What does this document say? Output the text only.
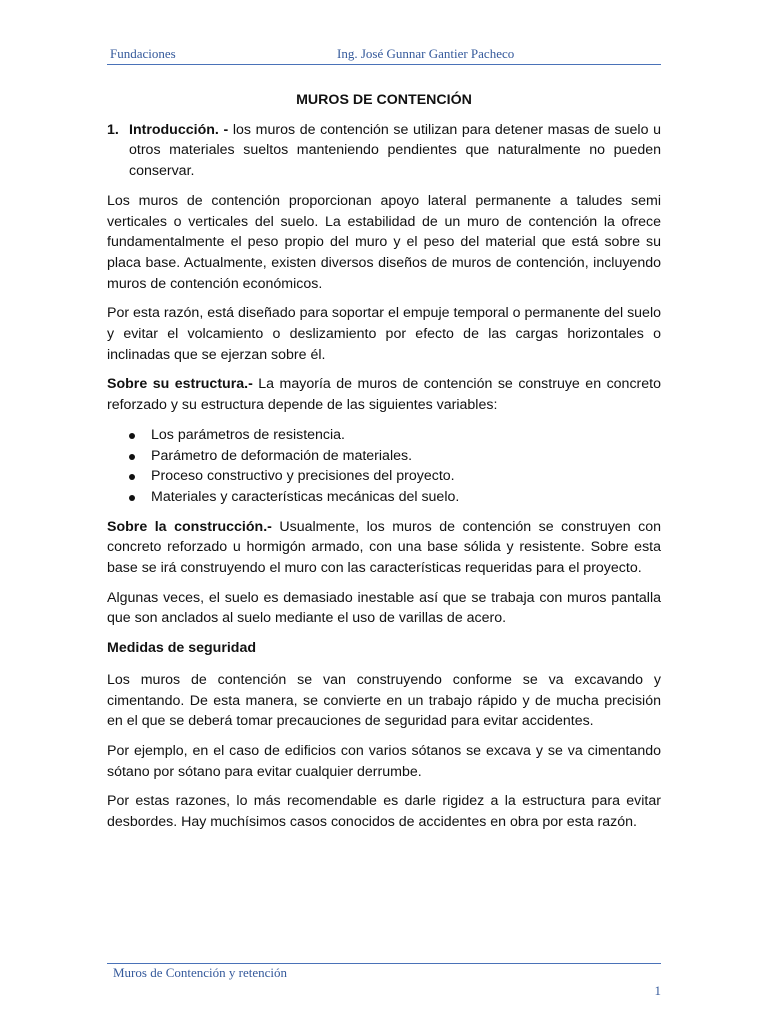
Fundaciones	Ing. José Gunnar Gantier Pacheco
MUROS DE CONTENCIÓN
1. Introducción. - los muros de contención se utilizan para detener masas de suelo u otros materiales sueltos manteniendo pendientes que naturalmente no pueden conservar.

Los muros de contención proporcionan apoyo lateral permanente a taludes semi verticales o verticales del suelo. La estabilidad de un muro de contención la ofrece fundamentalmente el peso propio del muro y el peso del material que está sobre su placa base. Actualmente, existen diversos diseños de muros de contención, incluyendo muros de contención económicos.

Por esta razón, está diseñado para soportar el empuje temporal o permanente del suelo y evitar el volcamiento o deslizamiento por efecto de las cargas horizontales o inclinadas que se ejerzan sobre él.

Sobre su estructura.- La mayoría de muros de contención se construye en concreto reforzado y su estructura depende de las siguientes variables:

Los parámetros de resistencia.
Parámetro de deformación de materiales.
Proceso constructivo y precisiones del proyecto.
Materiales y características mecánicas del suelo.

Sobre la construcción.- Usualmente, los muros de contención se construyen con concreto reforzado u hormigón armado, con una base sólida y resistente. Sobre esta base se irá construyendo el muro con las características requeridas para el proyecto.

Algunas veces, el suelo es demasiado inestable así que se trabaja con muros pantalla que son anclados al suelo mediante el uso de varillas de acero.

Medidas de seguridad

Los muros de contención se van construyendo conforme se va excavando y cimentando. De esta manera, se convierte en un trabajo rápido y de mucha precisión en el que se deberá tomar precauciones de seguridad para evitar accidentes.

Por ejemplo, en el caso de edificios con varios sótanos se excava y se va cimentando sótano por sótano para evitar cualquier derrumbe.

Por estas razones, lo más recomendable es darle rigidez a la estructura para evitar desbordes. Hay muchísimos casos conocidos de accidentes en obra por esta razón.

Muros de Contención y retención
1
